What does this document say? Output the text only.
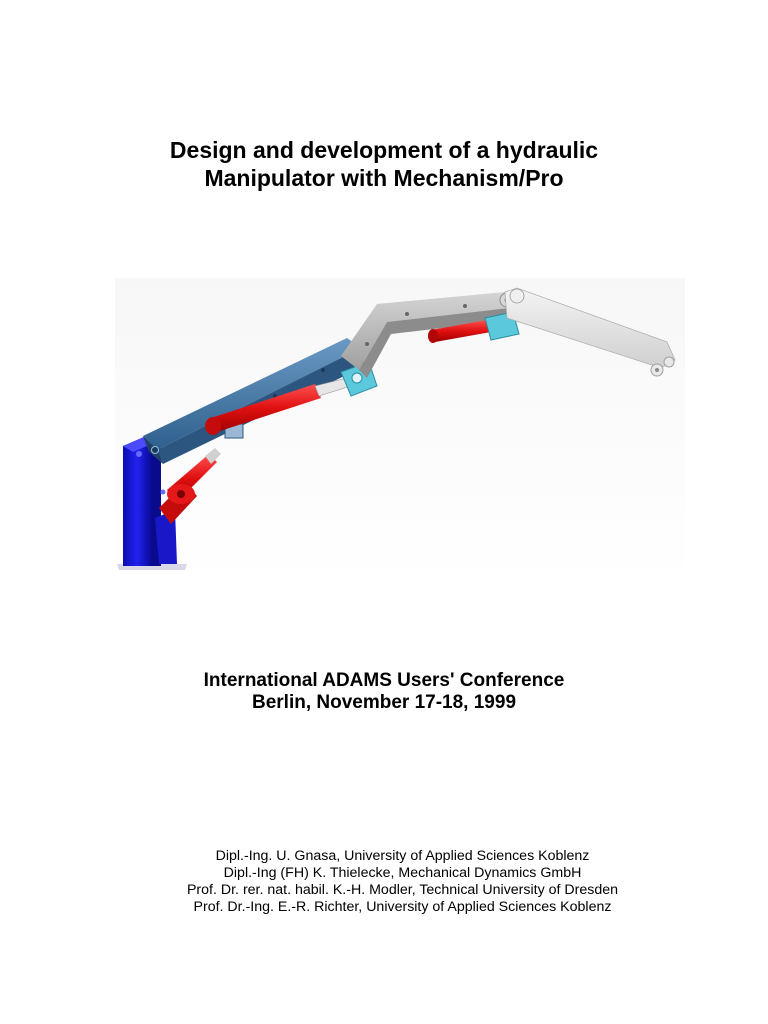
Design and development of a hydraulic
Manipulator with Mechanism/Pro
International ADAMS Users' Conference
Berlin, November 17-18, 1999
Dipl.-Ing. U. Gnasa, University of Applied Sciences Koblenz
Dipl.-Ing (FH) K. Thielecke, Mechanical Dynamics GmbH
Prof. Dr. rer. nat. habil. K.-H. Modler, Technical University of Dresden
Prof. Dr.-Ing. E.-R. Richter, University of Applied Sciences Koblenz
